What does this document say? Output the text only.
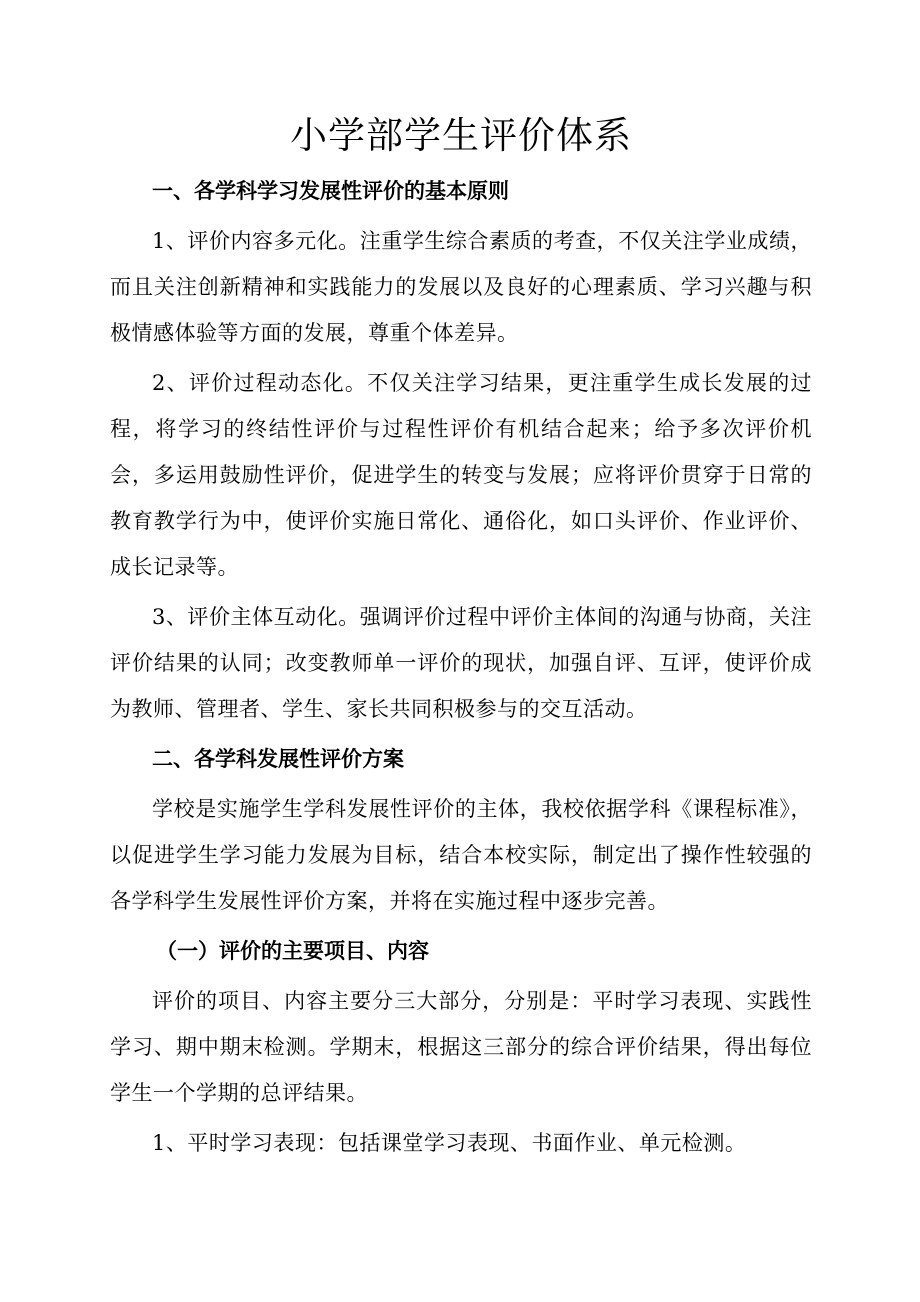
小学部学生评价体系
一、各学科学习发展性评价的基本原则

1、评价内容多元化。注重学生综合素质的考查，不仅关注学业成绩，而且关注创新精神和实践能力的发展以及良好的心理素质、学习兴趣与积极情感体验等方面的发展，尊重个体差异。

2、评价过程动态化。不仅关注学习结果，更注重学生成长发展的过程，将学习的终结性评价与过程性评价有机结合起来；给予多次评价机会，多运用鼓励性评价，促进学生的转变与发展；应将评价贯穿于日常的教育教学行为中，使评价实施日常化、通俗化，如口头评价、作业评价、成长记录等。

3、评价主体互动化。强调评价过程中评价主体间的沟通与协商，关注评价结果的认同；改变教师单一评价的现状，加强自评、互评，使评价成为教师、管理者、学生、家长共同积极参与的交互活动。

二、各学科发展性评价方案

学校是实施学生学科发展性评价的主体，我校依据学科《课程标准》，以促进学生学习能力发展为目标，结合本校实际，制定出了操作性较强的各学科学生发展性评价方案，并将在实施过程中逐步完善。

（一）评价的主要项目、内容

评价的项目、内容主要分三大部分，分别是：平时学习表现、实践性学习、期中期末检测。学期末，根据这三部分的综合评价结果，得出每位学生一个学期的总评结果。

1、平时学习表现：包括课堂学习表现、书面作业、单元检测。
